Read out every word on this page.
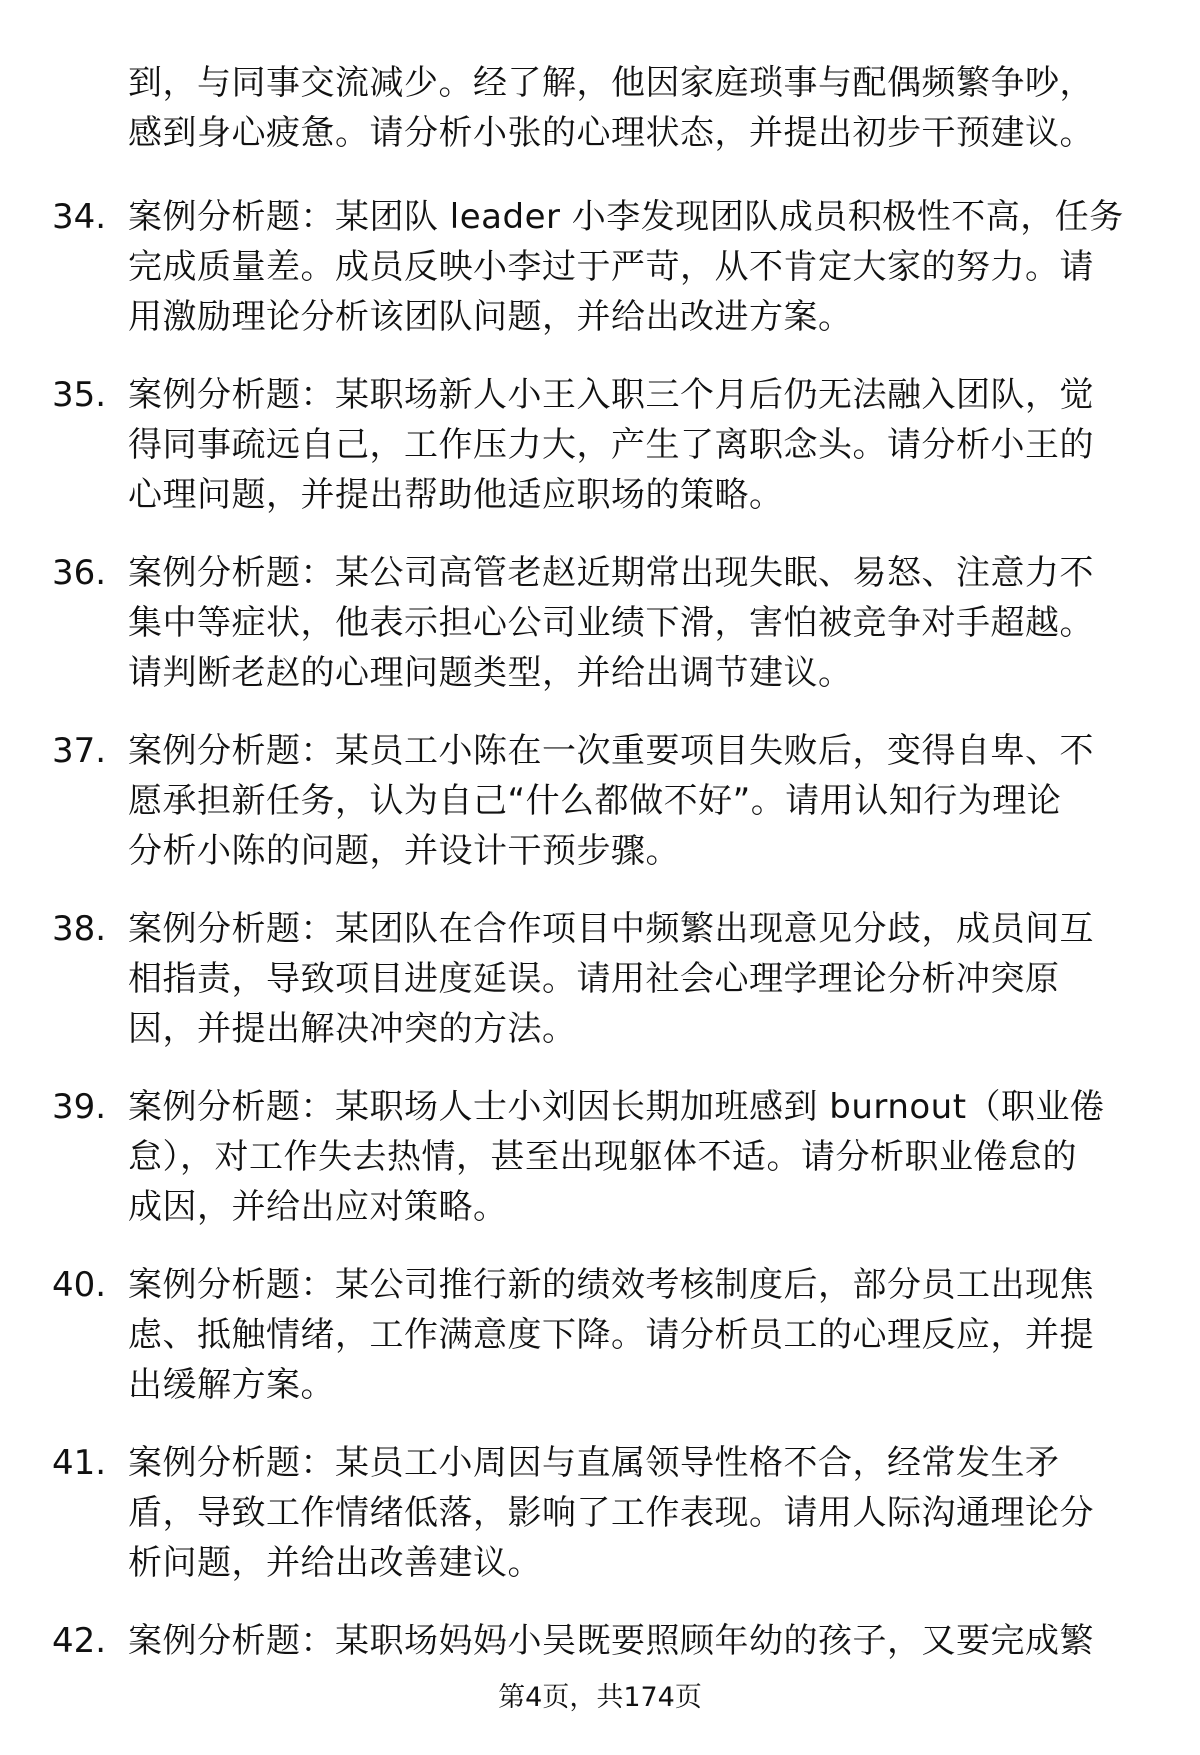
到，与同事交流减少。经了解，他因家庭琐事与配偶频繁争吵，
感到身心疲惫。请分析小张的心理状态，并提出初步干预建议。
34. 案例分析题：某团队 leader 小李发现团队成员积极性不高，任务
完成质量差。成员反映小李过于严苛，从不肯定大家的努力。请
用激励理论分析该团队问题，并给出改进方案。
35. 案例分析题：某职场新人小王入职三个月后仍无法融入团队，觉
得同事疏远自己，工作压力大，产生了离职念头。请分析小王的
心理问题，并提出帮助他适应职场的策略。
36. 案例分析题：某公司高管老赵近期常出现失眠、易怒、注意力不
集中等症状，他表示担心公司业绩下滑，害怕被竞争对手超越。
请判断老赵的心理问题类型，并给出调节建议。
37. 案例分析题：某员工小陈在一次重要项目失败后，变得自卑、不
愿承担新任务，认为自己“什么都做不好”。请用认知行为理论
分析小陈的问题，并设计干预步骤。
38. 案例分析题：某团队在合作项目中频繁出现意见分歧，成员间互
相指责，导致项目进度延误。请用社会心理学理论分析冲突原
因，并提出解决冲突的方法。
39. 案例分析题：某职场人士小刘因长期加班感到 burnout（职业倦
怠），对工作失去热情，甚至出现躯体不适。请分析职业倦怠的
成因，并给出应对策略。
40. 案例分析题：某公司推行新的绩效考核制度后，部分员工出现焦
虑、抵触情绪，工作满意度下降。请分析员工的心理反应，并提
出缓解方案。
41. 案例分析题：某员工小周因与直属领导性格不合，经常发生矛
盾，导致工作情绪低落，影响了工作表现。请用人际沟通理论分
析问题，并给出改善建议。
42. 案例分析题：某职场妈妈小吴既要照顾年幼的孩子，又要完成繁
第4页，共174页
